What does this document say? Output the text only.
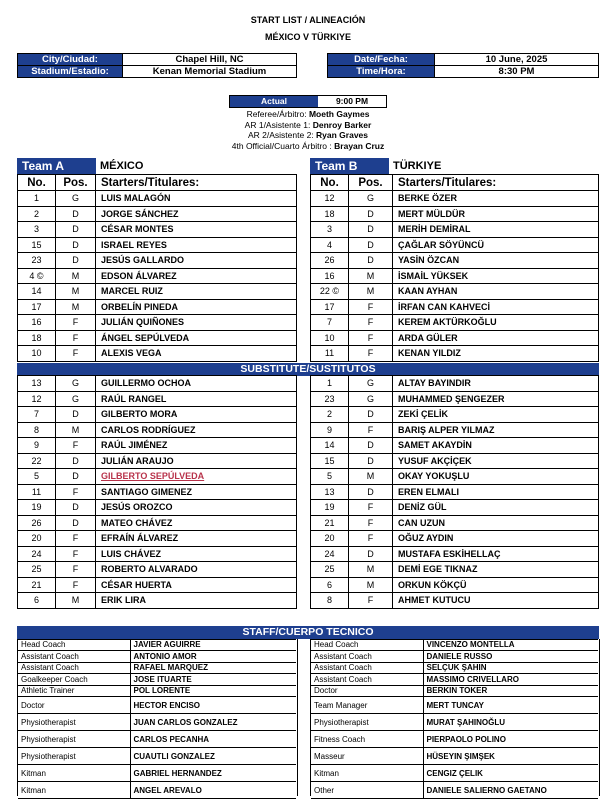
START LIST / ALINEACIÓN
MÉXICO V TÜRKIYE
City/Ciudad:	Chapel Hill, NC
Stadium/Estadio:	Kenan Memorial Stadium
Date/Fecha:	10 June, 2025
Time/Hora:	8:30 PM
Actual	9:00 PM
Referee/Árbitro: Moeth Gaymes
AR 1/Asistente 1: Denroy Barker
AR 2/Asistente 2: Ryan Graves
4th Official/Cuarto Árbitro : Brayan Cruz
Team A	MÉXICO	Team B	TÜRKIYE
No.	Pos.	Starters/Titulares:
1	G	LUIS MALAGÓN
2	D	JORGE SÁNCHEZ
3	D	CÉSAR MONTES
15	D	ISRAEL REYES
23	D	JESÚS GALLARDO
4 ©	M	EDSON ÁLVAREZ
14	M	MARCEL RUIZ
17	M	ORBELÍN PINEDA
16	F	JULIÁN QUIÑONES
18	F	ÁNGEL SEPÚLVEDA
10	F	ALEXIS VEGA
No.	Pos.	Starters/Titulares:
12	G	BERKE ÖZER
18	D	MERT MÜLDÜR
3	D	MERİH DEMİRAL
4	D	ÇAĞLAR SÖYÜNCÜ
26	D	YASİN ÖZCAN
16	M	İSMAİL YÜKSEK
22 ©	M	KAAN AYHAN
17	F	İRFAN CAN KAHVECİ
7	F	KEREM AKTÜRKOĞLU
10	F	ARDA GÜLER
11	F	KENAN YILDIZ
SUBSTITUTE/SUSTITUTOS
13	G	GUILLERMO OCHOA
12	G	RAÚL RANGEL
7	D	GILBERTO MORA
8	M	CARLOS RODRÍGUEZ
9	F	RAÚL JIMÉNEZ
22	D	JULIÁN ARAUJO
5	D	GILBERTO SEPÚLVEDA
11	F	SANTIAGO GIMENEZ
19	D	JESÚS OROZCO
26	D	MATEO CHÁVEZ
20	F	EFRAÍN ÁLVAREZ
24	F	LUIS CHÁVEZ
25	F	ROBERTO ALVARADO
21	F	CÉSAR HUERTA
6	M	ERIK LIRA
1	G	ALTAY BAYINDIR
23	G	MUHAMMED ŞENGEZER
2	D	ZEKİ ÇELİK
9	F	BARIŞ ALPER YILMAZ
14	D	SAMET AKAYDİN
15	D	YUSUF AKÇİÇEK
5	M	OKAY YOKUŞLU
13	D	EREN ELMALI
19	F	DENİZ GÜL
21	F	CAN UZUN
20	F	OĞUZ AYDIN
24	D	MUSTAFA ESKİHELLAÇ
25	M	DEMİ EGE TIKNAZ
6	M	ORKUN KÖKÇÜ
8	F	AHMET KUTUCU
STAFF/CUERPO TECNICO
Head Coach	JAVIER AGUIRRE
Assistant Coach	ANTONIO AMOR
Assistant Coach	RAFAEL MARQUEZ
Goalkeeper Coach	JOSE ITUARTE
Athletic Trainer	POL LORENTE
Doctor	HECTOR ENCISO
Physiotherapist	JUAN CARLOS GONZALEZ
Physiotherapist	CARLOS PECANHA
Physiotherapist	CUAUTLI GONZALEZ
Kitman	GABRIEL HERNANDEZ
Kitman	ANGEL AREVALO
Head Coach	VINCENZO MONTELLA
Assistant Coach	DANIELE RUSSO
Assistant Coach	SELÇUK ŞAHIN
Assistant Coach	MASSIMO CRIVELLARO
Doctor	BERKIN TOKER
Team Manager	MERT TUNCAY
Physiotherapist	MURAT ŞAHINOĞLU
Fitness Coach	PIERPAOLO POLINO
Masseur	HÜSEYIN ŞIMŞEK
Kitman	CENGIZ ÇELIK
Other	DANIELE SALIERNO GAETANO
